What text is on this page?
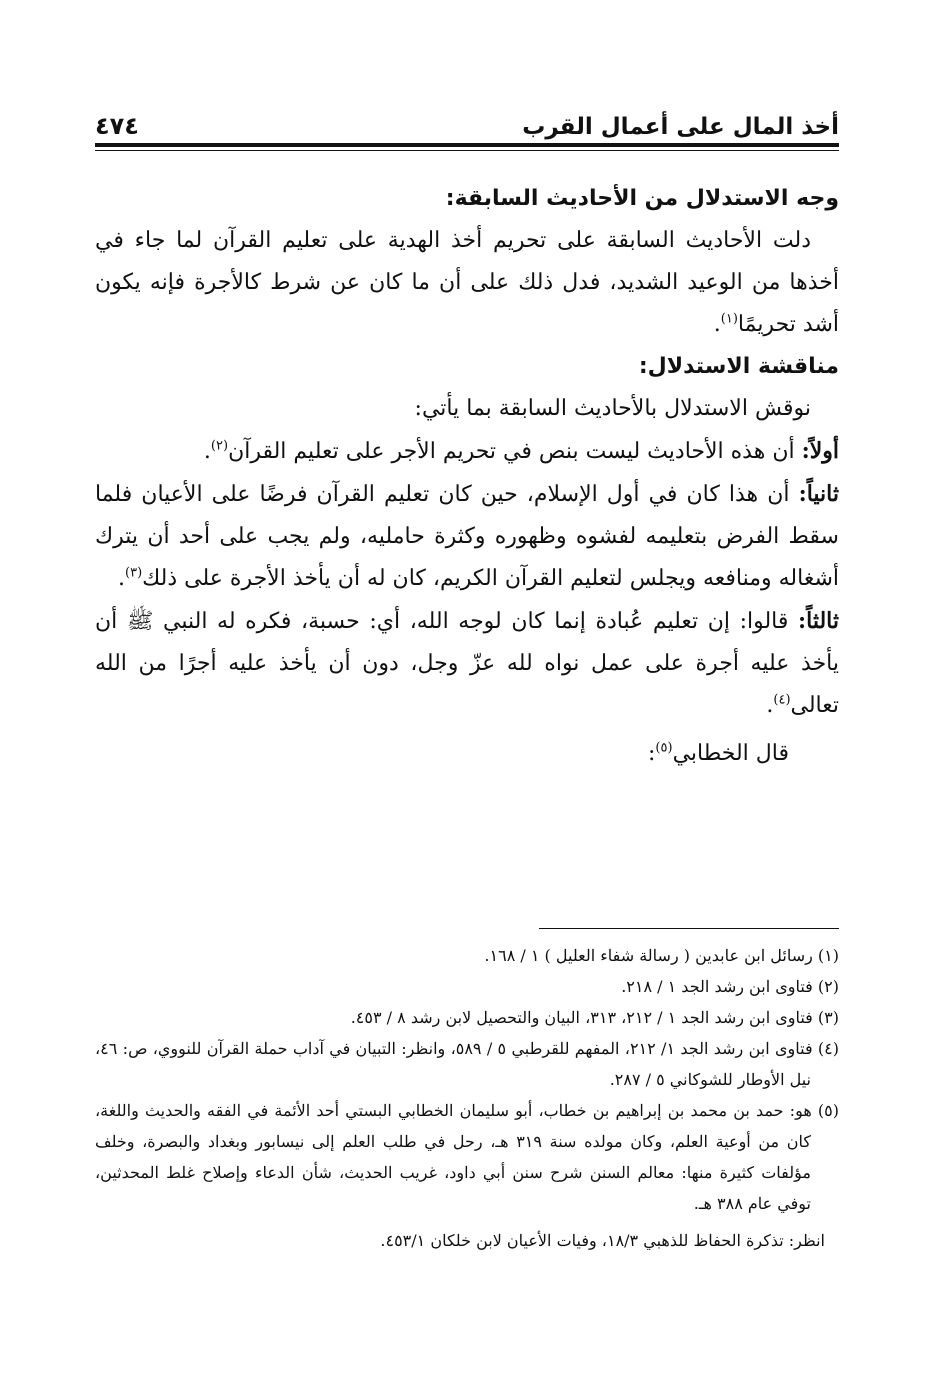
أخذ المال على أعمال القرب
٤٧٤

وجه الاستدلال من الأحاديث السابقة:

دلت الأحاديث السابقة على تحريم أخذ الهدية على تعليم القرآن لما جاء في أخذها من الوعيد الشديد، فدل ذلك على أن ما كان عن شرط كالأجرة فإنه يكون أشد تحريمًا$^{(١)}$.

مناقشة الاستدلال:

نوقش الاستدلال بالأحاديث السابقة بما يأتي:

أولاً: أن هذه الأحاديث ليست بنص في تحريم الأجر على تعليم القرآن$^{(٢)}$.

ثانياً: أن هذا كان في أول الإسلام، حين كان تعليم القرآن فرضًا على الأعيان فلما سقط الفرض بتعليمه لفشوه وظهوره وكثرة حامليه، ولم يجب على أحد أن يترك أشغاله ومنافعه ويجلس لتعليم القرآن الكريم، كان له أن يأخذ الأجرة على ذلك$^{(٣)}$.

ثالثاً: قالوا: إن تعليم عُبادة إنما كان لوجه الله، أي: حسبة، فكره له النبي ﷺ أن يأخذ عليه أجرة على عمل نواه لله عزّ وجل، دون أن يأخذ عليه أجرًا من الله تعالى$^{(٤)}$.

قال الخطابي$^{(٥)}$:

(١) رسائل ابن عابدين ( رسالة شفاء العليل ) ١ / ١٦٨.

(٢) فتاوى ابن رشد الجد ١ / ٢١٨.

(٣) فتاوى ابن رشد الجد ١ / ٢١٢، ٣١٣، البيان والتحصيل لابن رشد ٨ / ٤٥٣.

(٤) فتاوى ابن رشد الجد ١/ ٢١٢، المفهم للقرطبي ٥ / ٥٨٩، وانظر: التبيان في آداب حملة القرآن للنووي، ص: ٤٦، نيل الأوطار للشوكاني ٥ / ٢٨٧.

(٥) هو: حمد بن محمد بن إبراهيم بن خطاب، أبو سليمان الخطابي البستي أحد الأئمة في الفقه والحديث واللغة، كان من أوعية العلم، وكان مولده سنة ٣١٩ هـ، رحل في طلب العلم إلى نيسابور وبغداد والبصرة، وخلف مؤلفات كثيرة منها: معالم السنن شرح سنن أبي داود، غريب الحديث، شأن الدعاء وإصلاح غلط المحدثين، توفي عام ٣٨٨ هـ.

انظر: تذكرة الحفاظ للذهبي ١٨/٣، وفيات الأعيان لابن خلكان ٤٥٣/١.
